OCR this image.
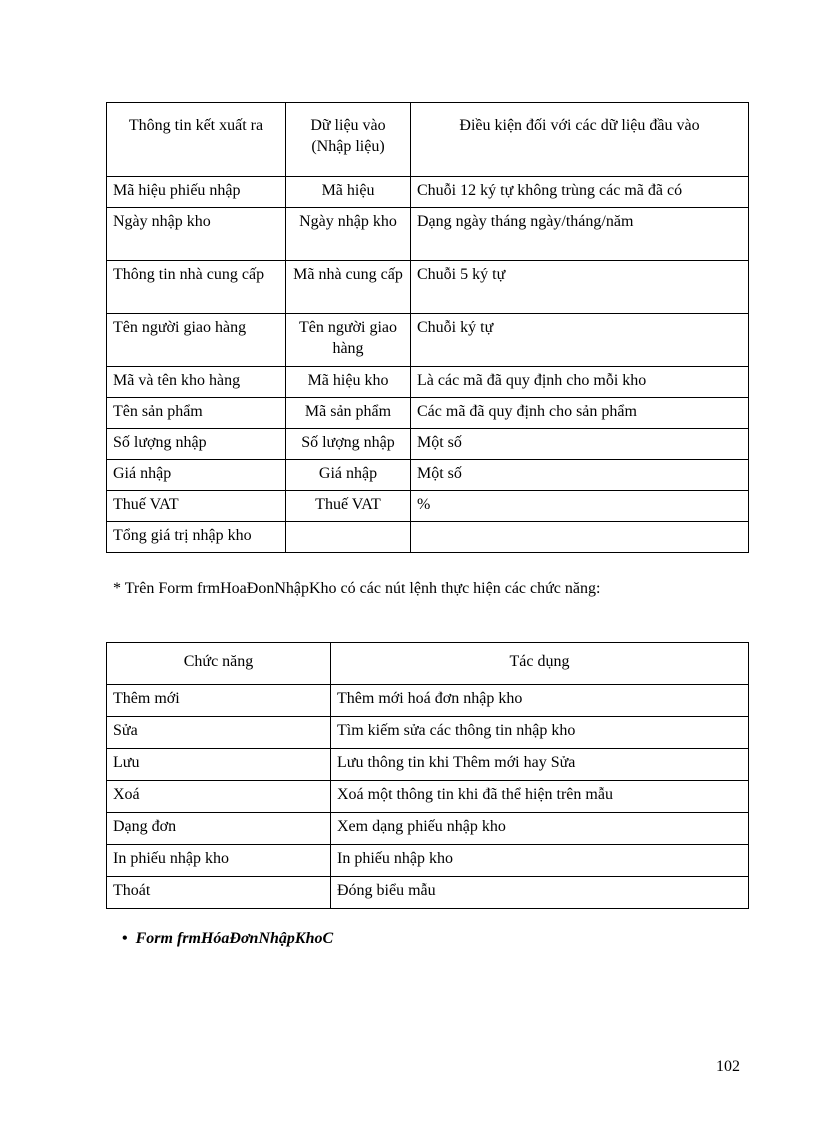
Thông tin kết xuất ra	Dữ liệu vào (Nhập liệu)	Điều kiện đối với các dữ liệu đầu vào
Mã hiệu phiếu nhập	Mã hiệu	Chuỗi 12 ký tự không trùng các mã đã có
Ngày nhập kho	Ngày nhập kho	Dạng ngày tháng ngày/tháng/năm
Thông tin nhà cung cấp	Mã nhà cung cấp	Chuỗi 5 ký tự
Tên người giao hàng	Tên người giao hàng	Chuỗi ký tự
Mã và tên kho hàng	Mã hiệu kho	Là các mã đã quy định cho mỗi kho
Tên sản phẩm	Mã sản phẩm	Các mã đã quy định cho sản phẩm
Số lượng nhập	Số lượng nhập	Một số
Giá nhập	Giá nhập	Một số
Thuế VAT	Thuế VAT	%
Tổng giá trị nhập kho		
* Trên Form frmHoaĐonNhậpKho có các nút lệnh thực hiện các chức năng:
Chức năng	Tác dụng
Thêm mới	Thêm mới hoá đơn nhập kho
Sửa	Tìm kiếm sửa các thông tin nhập kho
Lưu	Lưu thông tin khi Thêm mới hay Sửa
Xoá	Xoá một thông tin khi đã thể hiện trên mẫu
Dạng đơn	Xem dạng phiếu nhập kho
In phiếu nhập kho	In phiếu nhập kho
Thoát	Đóng biểu mẫu
• Form frmHóaĐơnNhậpKhoC
102
